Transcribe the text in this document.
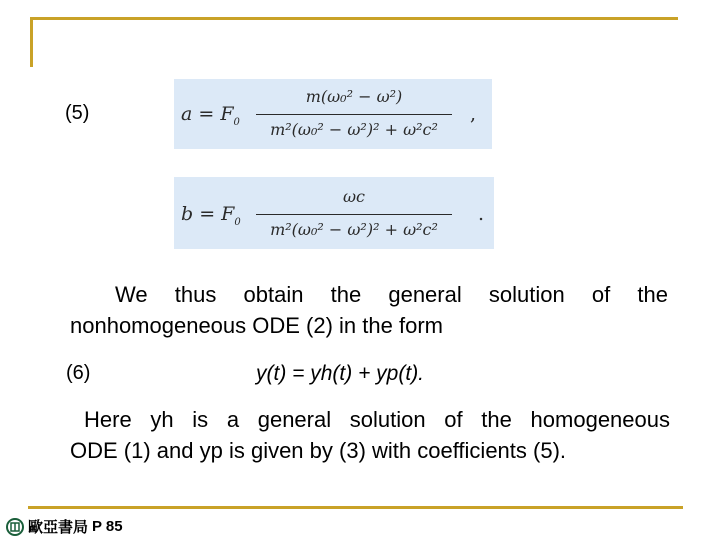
(5)	$a = F_0$
m(ω₀² − ω²)
m²(ω₀² − ω²)² + ω²c²
,
$b = F_0$
ωc
m²(ω₀² − ω²)² + ω²c²
.
We thus obtain the general solution of the
nonhomogeneous ODE (2) in the form
(6)	y(t) = yh(t) + yp(t).
Here yh is a general solution of the homogeneous
ODE (1) and yp is given by (3) with coefficients (5).
歐亞書局 P 85
